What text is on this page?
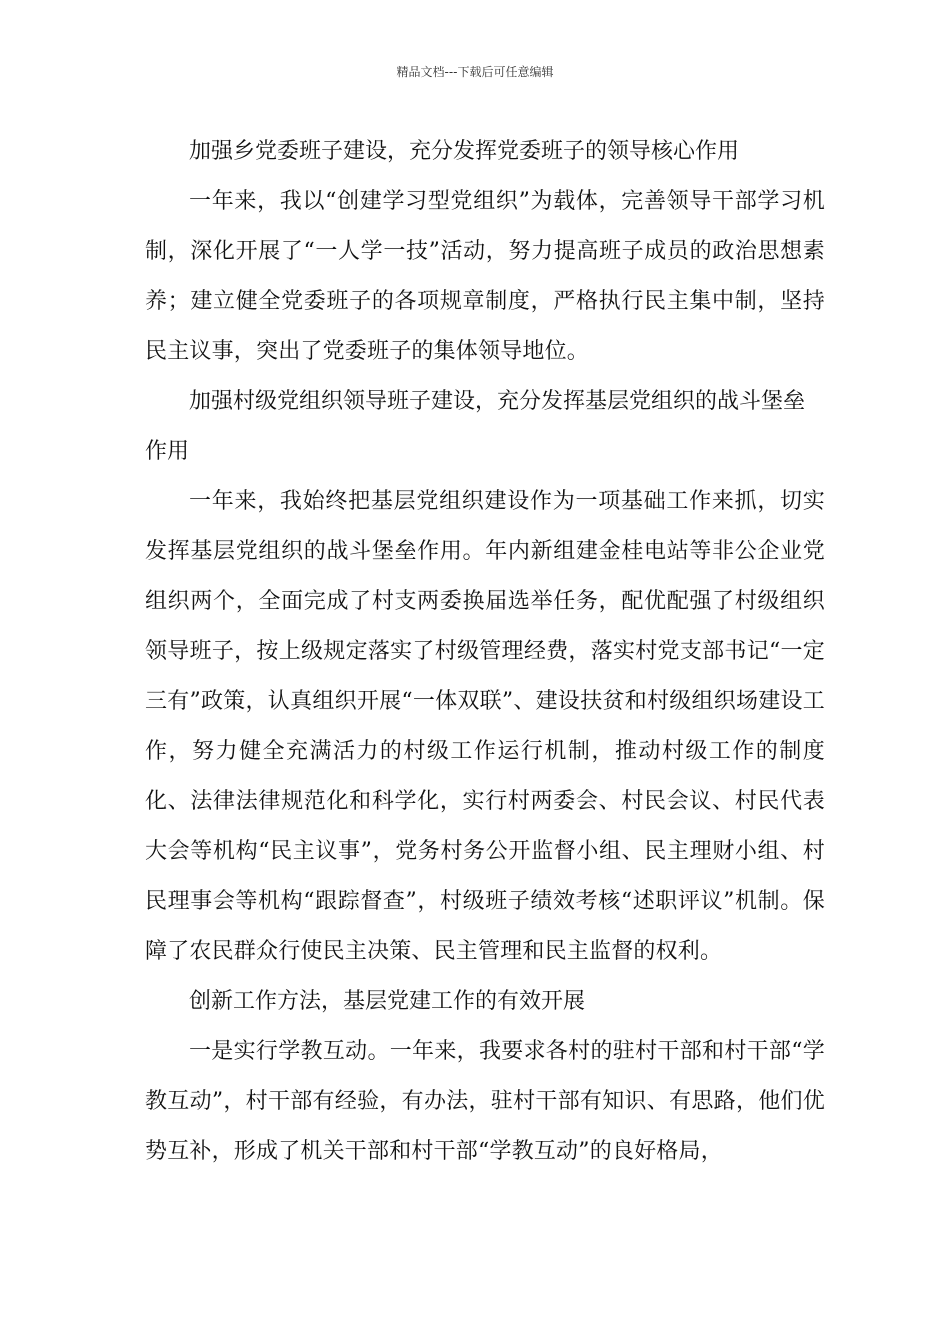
精品文档---下载后可任意编辑

加强乡党委班子建设，充分发挥党委班子的领导核心作用

一年来，我以“创建学习型党组织”为载体，完善领导干部学习机制，深化开展了“一人学一技”活动，努力提高班子成员的政治思想素养；建立健全党委班子的各项规章制度，严格执行民主集中制，坚持民主议事，突出了党委班子的集体领导地位。

加强村级党组织领导班子建设，充分发挥基层党组织的战斗堡垒作用

一年来，我始终把基层党组织建设作为一项基础工作来抓，切实发挥基层党组织的战斗堡垒作用。年内新组建金桂电站等非公企业党组织两个，全面完成了村支两委换届选举任务，配优配强了村级组织领导班子，按上级规定落实了村级管理经费，落实村党支部书记“一定三有”政策，认真组织开展“一体双联”、建设扶贫和村级组织场建设工作，努力健全充满活力的村级工作运行机制，推动村级工作的制度化、法律法律规范化和科学化，实行村两委会、村民会议、村民代表大会等机构“民主议事”，党务村务公开监督小组、民主理财小组、村民理事会等机构“跟踪督查”，村级班子绩效考核“述职评议”机制。保障了农民群众行使民主决策、民主管理和民主监督的权利。

创新工作方法，基层党建工作的有效开展

一是实行学教互动。一年来，我要求各村的驻村干部和村干部“学教互动”，村干部有经验，有办法，驻村干部有知识、有思路，他们优势互补，形成了机关干部和村干部“学教互动”的良好格局，
